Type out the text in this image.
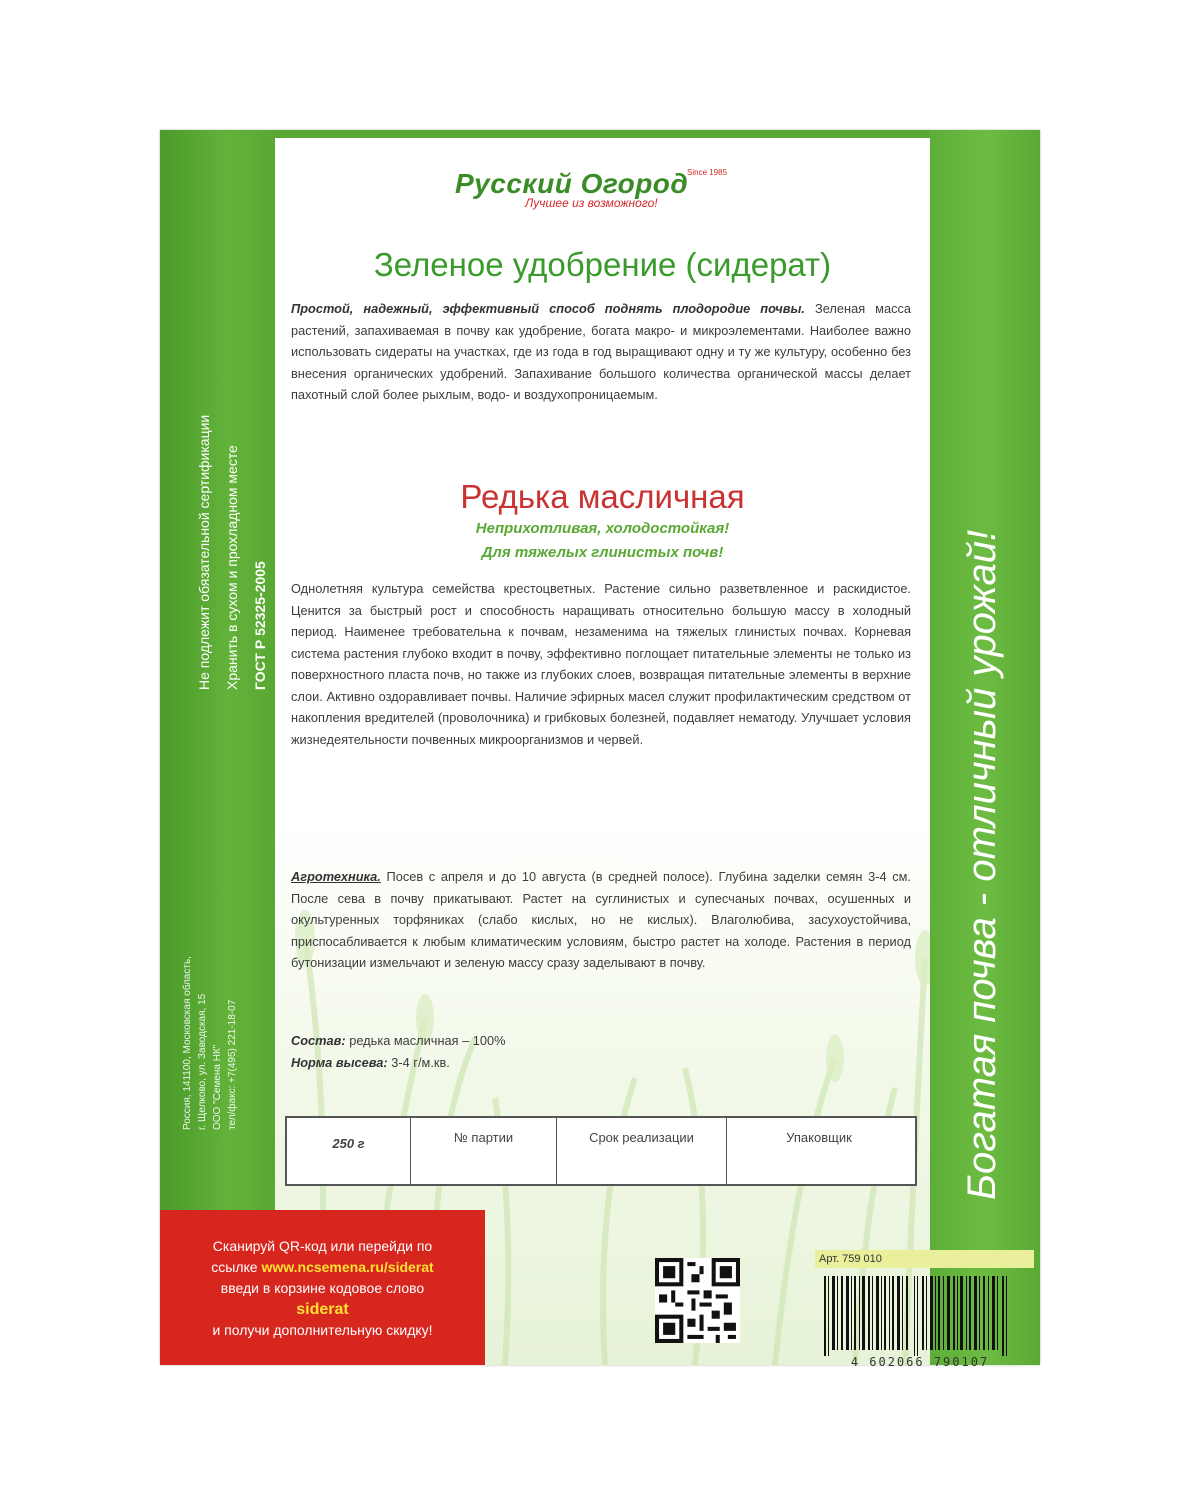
Не подлежит обязательной сертификации Хранить в сухом и прохладном месте ГОСТ Р 52325-2005
Россия, 141100, Московская область, г. Щелково, ул. Заводская, 15 ООО "Семена НК" тел/факс: +7(495) 221-18-07	Богатая почва - отличный урожай!
Since 1985
Русский Огород
Лучшее из возможного!
Зеленое удобрение (сидерат)
Простой, надежный, эффективный способ поднять плодородие почвы. Зеленая масса растений, запахиваемая в почву как удобрение, богата макро- и микроэлементами. Наиболее важно использовать сидераты на участках, где из года в год выращивают одну и ту же культуру, особенно без внесения органических удобрений. Запахивание большого количества органической массы делает пахотный слой более рыхлым, водо- и воздухопроницаемым.
Редька масличная
Неприхотливая, холодостойкая!
Для тяжелых глинистых почв!
Однолетняя культура семейства крестоцветных. Растение сильно разветвленное и раскидистое. Ценится за быстрый рост и способность наращивать относительно большую массу в холодный период. Наименее требовательна к почвам, незаменима на тяжелых глинистых почвах. Корневая система растения глубоко входит в почву, эффективно поглощает питательные элементы не только из поверхностного пласта почв, но также из глубоких слоев, возвращая питательные элементы в верхние слои. Активно оздоравливает почвы. Наличие эфирных масел служит профилактическим средством от накопления вредителей (проволочника) и грибковых болезней, подавляет нематоду. Улучшает условия жизнедеятельности почвенных микроорганизмов и червей.
Агротехника. Посев с апреля и до 10 августа (в средней полосе). Глубина заделки семян 3-4 см. После сева в почву прикатывают. Растет на суглинистых и супесчаных почвах, осушенных и окультуренных торфяниках (слабо кислых, но не кислых). Влаголюбива, засухоустойчива, приспосабливается к любым климатическим условиям, быстро растет на холоде. Растения в период бутонизации измельчают и зеленую массу сразу заделывают в почву.
Состав: редька масличная – 100%
Норма высева: 3-4 г/м.кв.
250 г	№ партии	Срок реализации	Упаковщик
Арт. 759 010
4 602066 790107
Сканируй QR-код или перейди по
ссылке www.ncsemena.ru/siderat
введи в корзине кодовое слово
siderat
и получи дополнительную скидку!
